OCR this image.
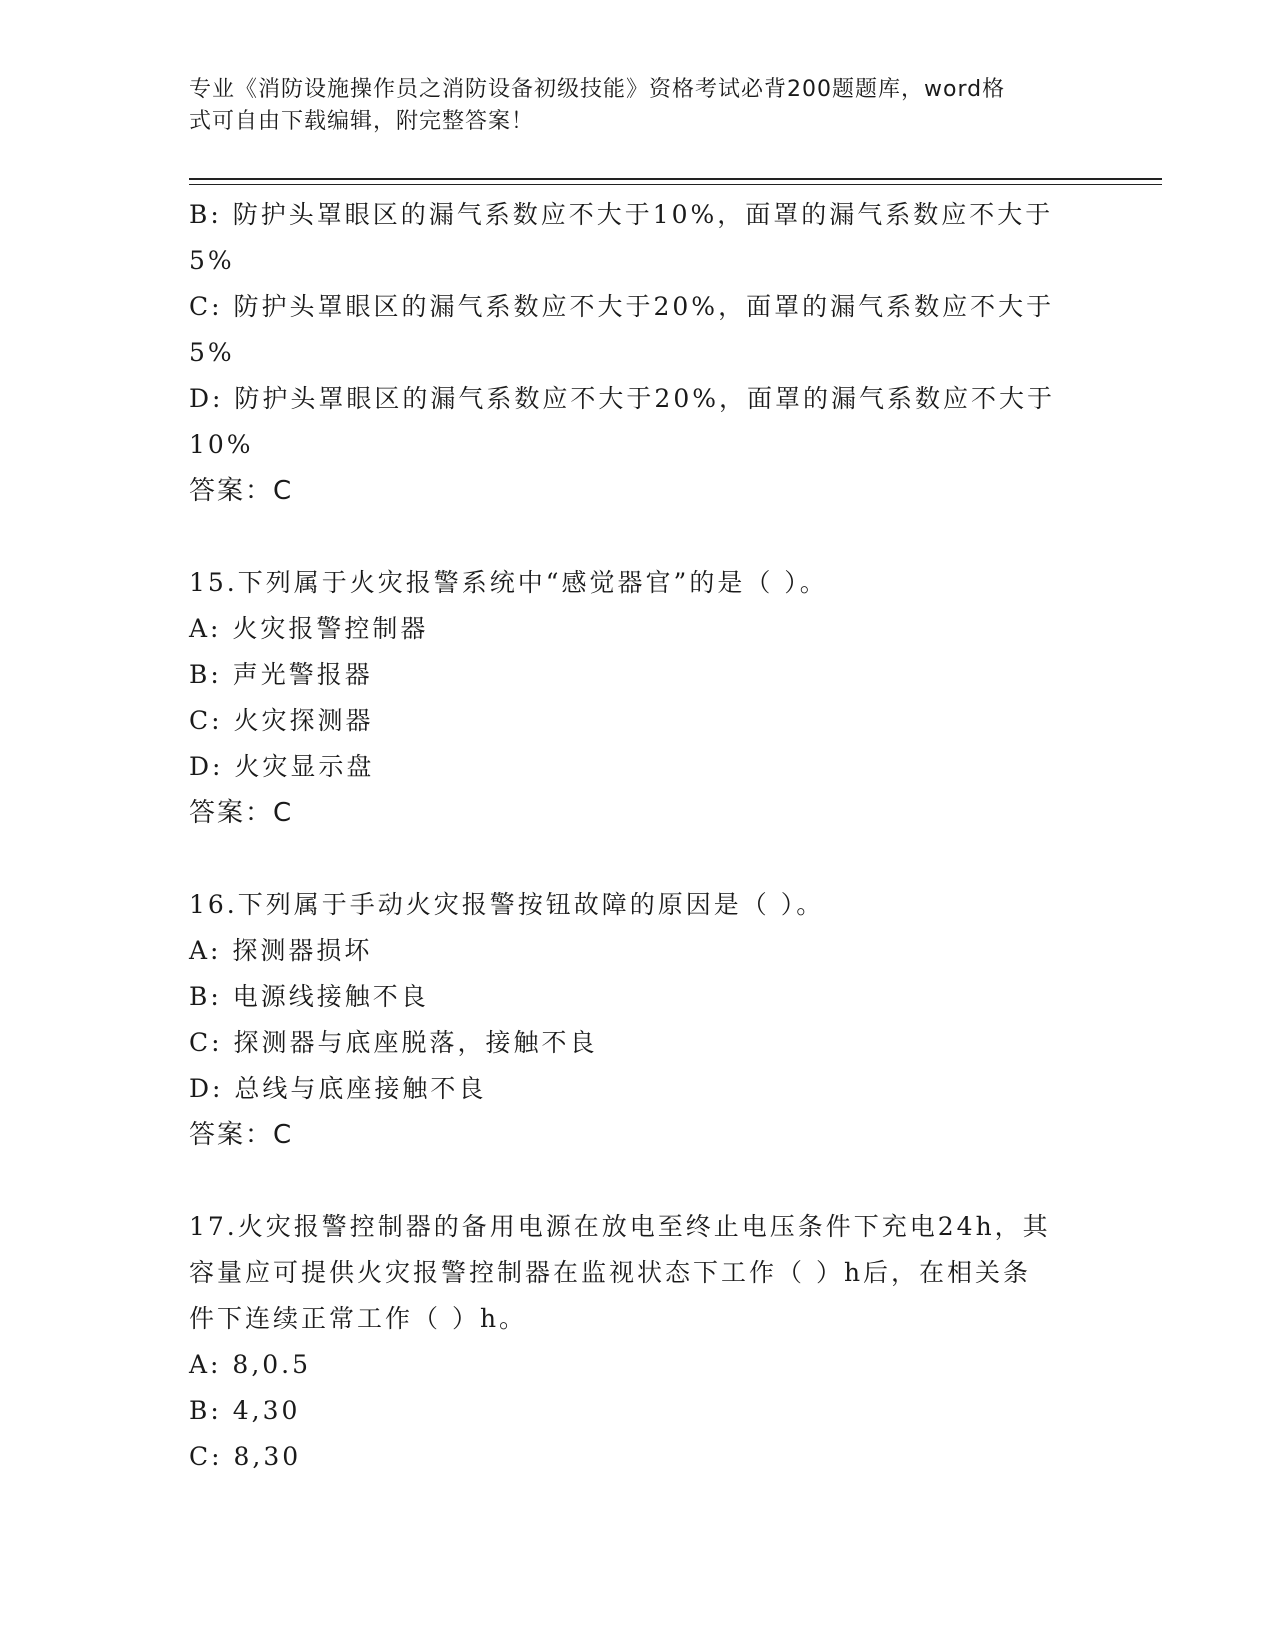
专业《消防设施操作员之消防设备初级技能》资格考试必背200题题库，word格
式可自由下载编辑，附完整答案！
B: 防护头罩眼区的漏气系数应不大于10%，面罩的漏气系数应不大于
5%
C: 防护头罩眼区的漏气系数应不大于20%，面罩的漏气系数应不大于
5%
D: 防护头罩眼区的漏气系数应不大于20%，面罩的漏气系数应不大于
10%
答案：C
15.下列属于火灾报警系统中“感觉器官”的是（ ）。
A: 火灾报警控制器
B: 声光警报器
C: 火灾探测器
D: 火灾显示盘
答案：C
16.下列属于手动火灾报警按钮故障的原因是（ ）。
A: 探测器损坏
B: 电源线接触不良
C: 探测器与底座脱落，接触不良
D: 总线与底座接触不良
答案：C
17.火灾报警控制器的备用电源在放电至终止电压条件下充电24h，其
容量应可提供火灾报警控制器在监视状态下工作（ ）h后，在相关条
件下连续正常工作（ ）h。
A: 8,0.5
B: 4,30
C: 8,30
